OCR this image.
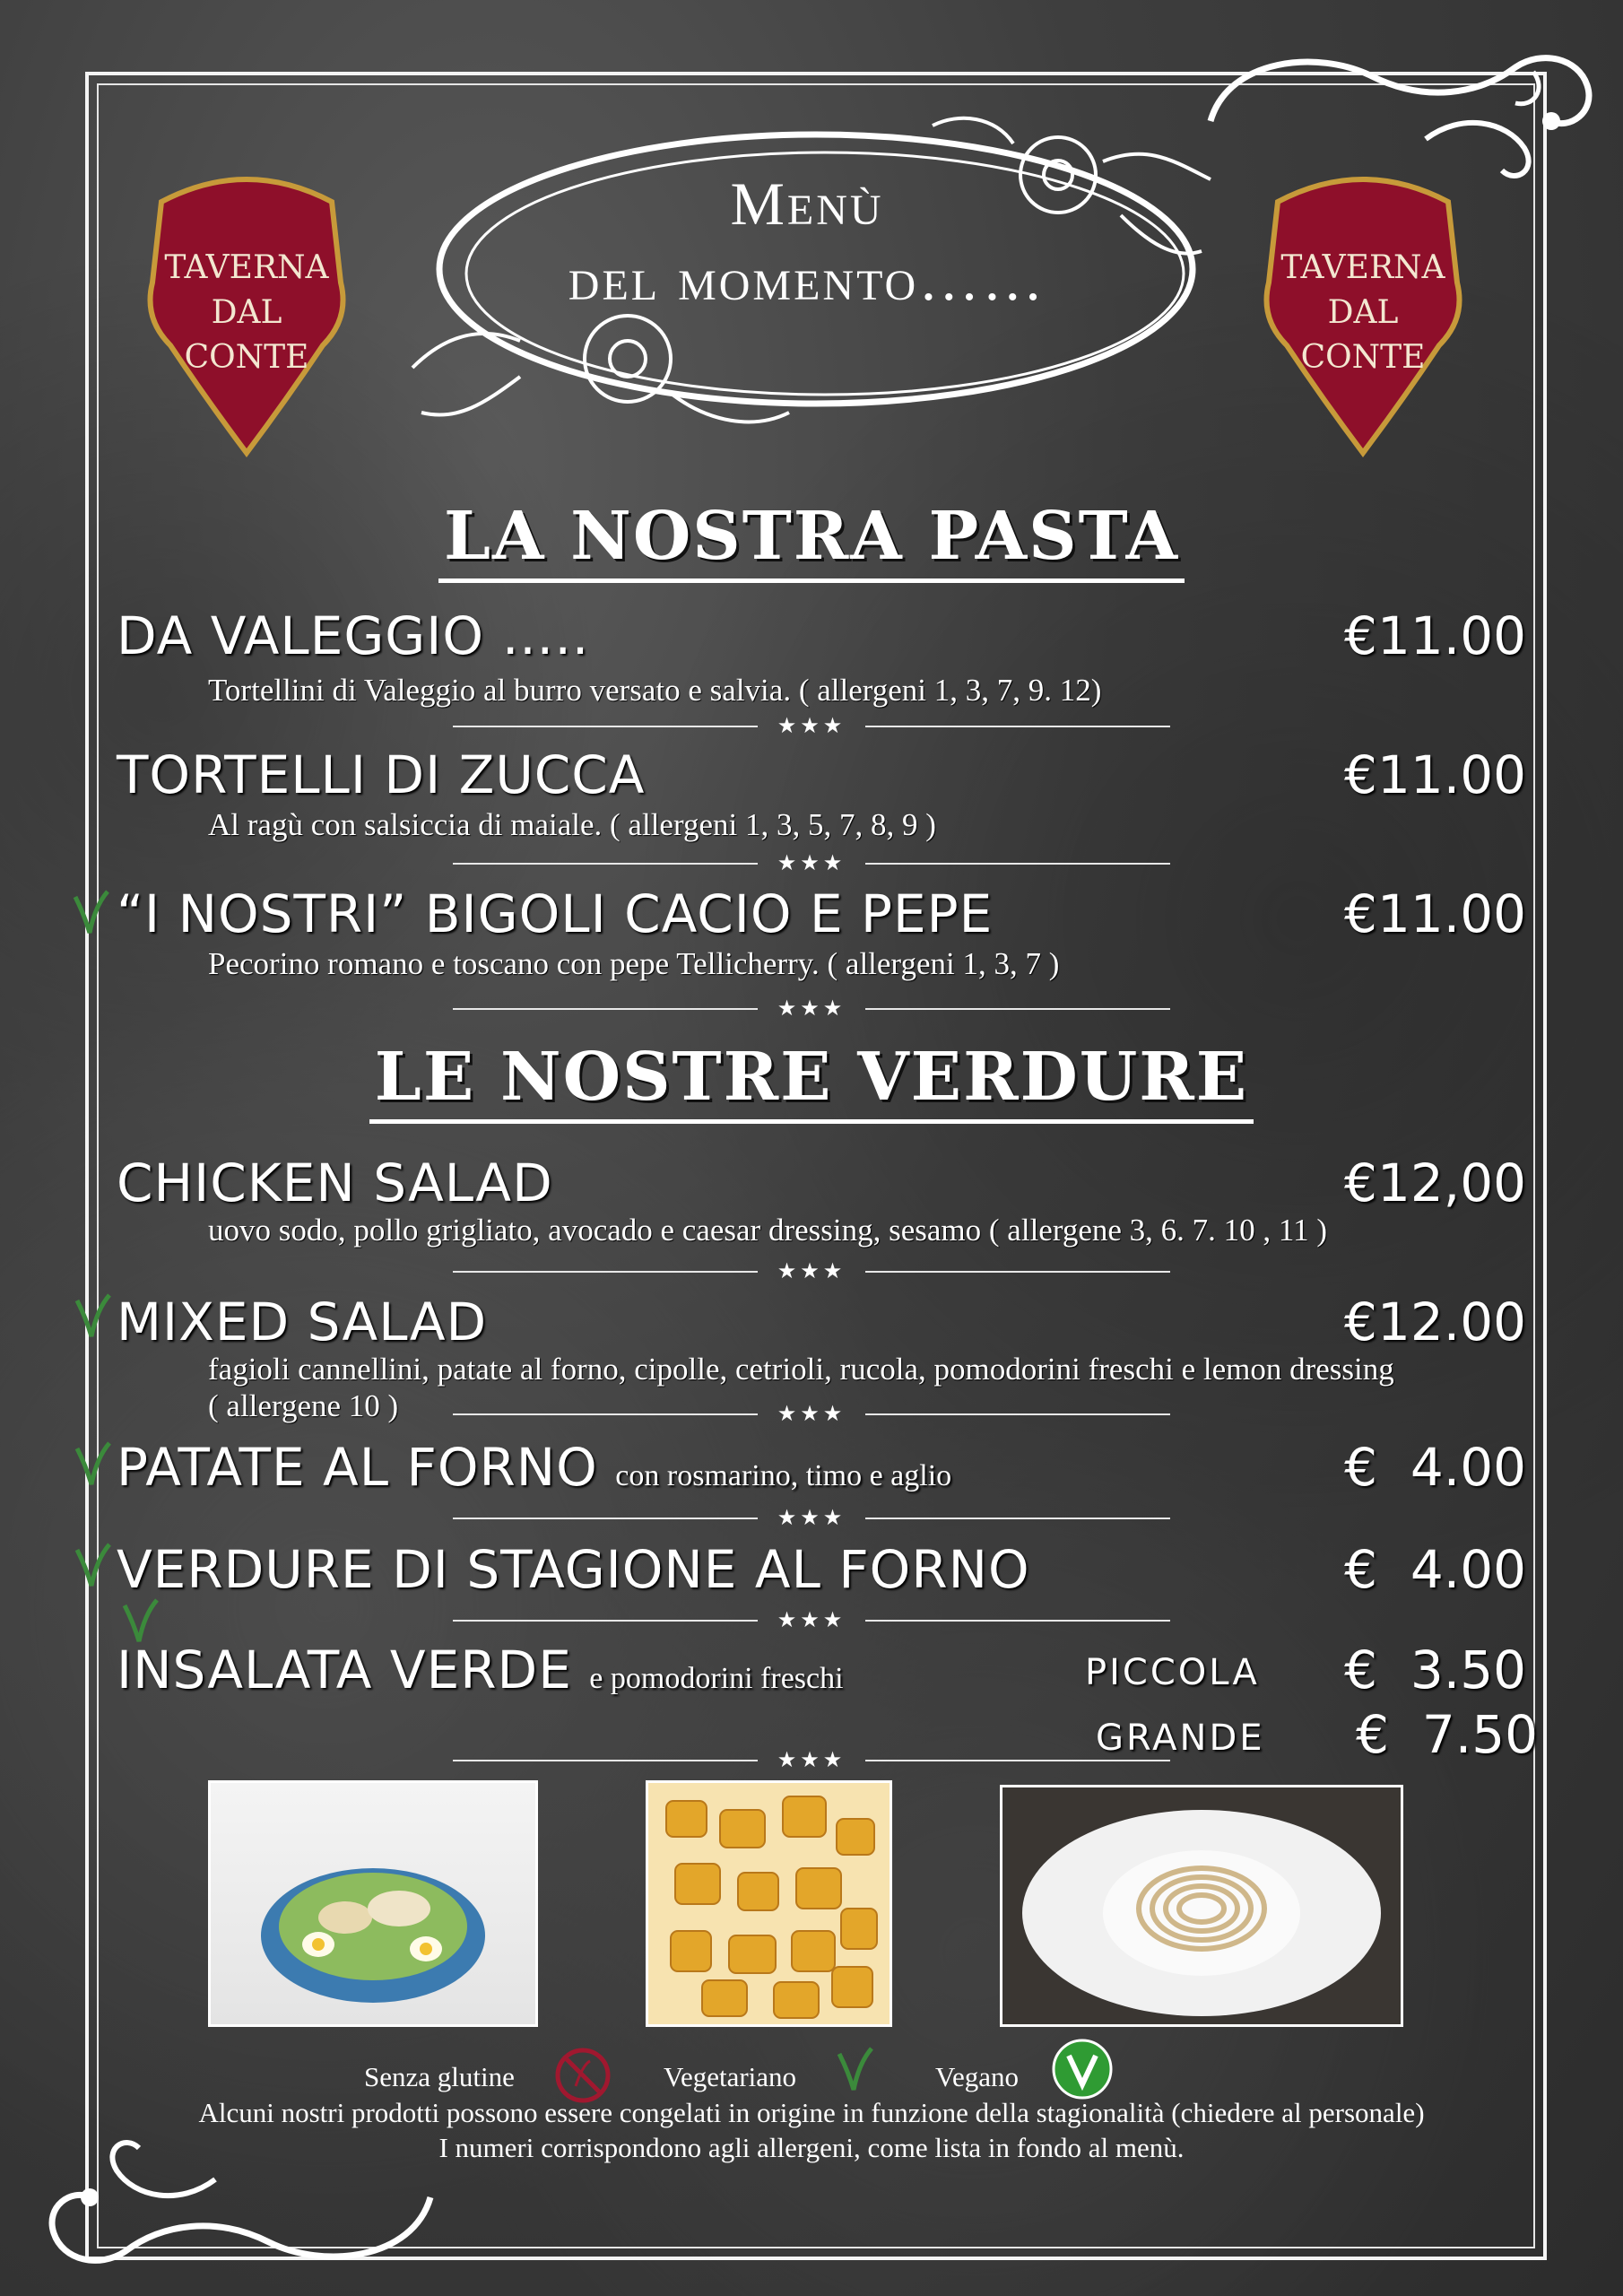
TAVERNA
DAL
CONTE
TAVERNA
DAL
CONTE
Menù
del momento……
LA NOSTRA PASTA
DA VALEGGIO …..	€11.00
Tortellini di Valeggio al burro versato e salvia. ( allergeni 1, 3, 7, 9. 12)
★★★
TORTELLI DI ZUCCA	€11.00
Al ragù con salsiccia di maiale. ( allergeni 1, 3, 5, 7, 8, 9 )
★★★
“I NOSTRI” BIGOLI CACIO E PEPE	€11.00
Pecorino romano e toscano con pepe Tellicherry. ( allergeni 1, 3, 7 )
★★★
LE NOSTRE VERDURE
CHICKEN SALAD	€12,00
uovo sodo, pollo grigliato, avocado e caesar dressing, sesamo ( allergene 3, 6. 7. 10 , 11 )
★★★
MIXED SALAD	€12.00
fagioli cannellini, patate al forno, cipolle, cetrioli, rucola, pomodorini freschi e lemon dressing
( allergene 10 )	★★★
PATATE AL FORNO con rosmarino, timo e aglio	€  4.00
★★★
VERDURE DI STAGIONE AL FORNO	€  4.00
★★★
INSALATA VERDE e pomodorini freschi	PICCOLA €  3.50
GRANDE €  7.50
★★★
Senza glutine	Vegetariano	Vegano
Alcuni nostri prodotti possono essere congelati in origine in funzione della stagionalità (chiedere al personale)
I numeri corrispondono agli allergeni, come lista in fondo al menù.
